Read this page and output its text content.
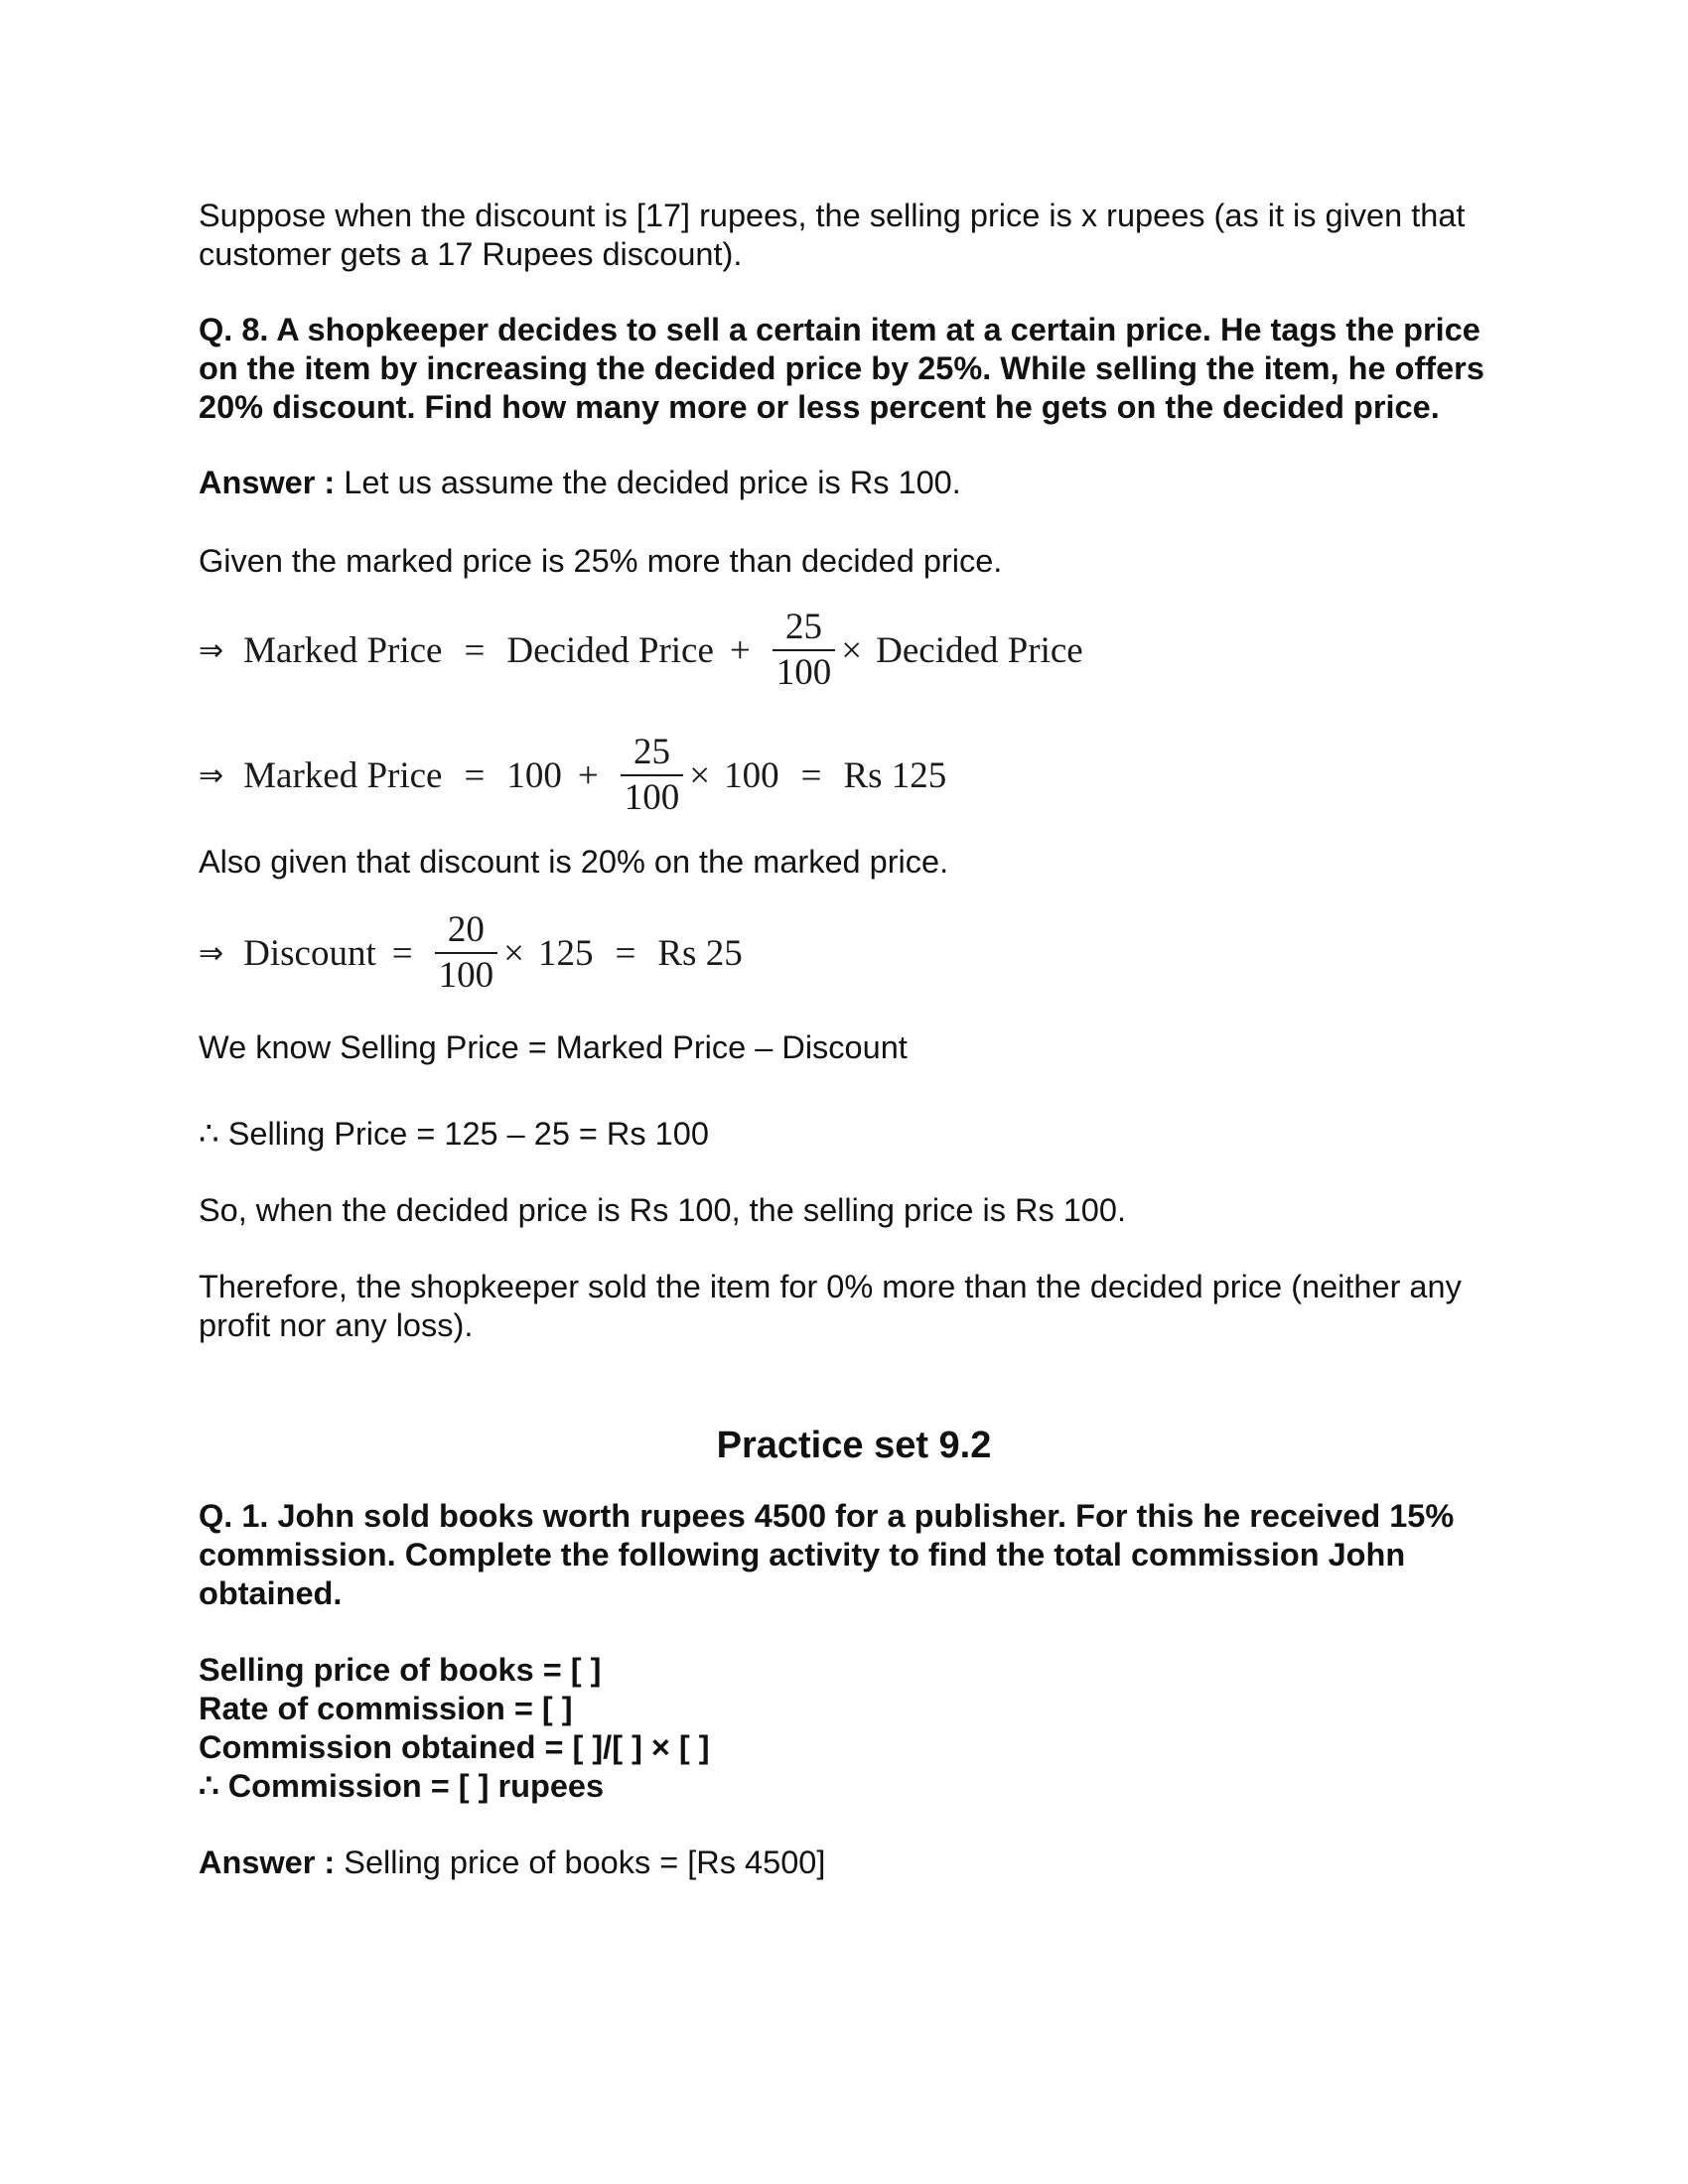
Suppose when the discount is [17] rupees, the selling price is x rupees (as it is given that customer gets a 17 Rupees discount).

Q. 8. A shopkeeper decides to sell a certain item at a certain price. He tags the price on the item by increasing the decided price by 25%. While selling the item, he offers 20% discount. Find how many more or less percent he gets on the decided price.

Answer : Let us assume the decided price is Rs 100.

Given the marked price is 25% more than decided price.

⇒ Marked Price = Decided Price + $\frac{25}{100}$ × Decided Price
⇒ Marked Price = $100 + \frac{25}{100} \times 100 = Rs$ 125

Also given that discount is 20% on the marked price.

⇒ Discount = $\frac{20}{100} \times 125 = Rs$ 25

We know Selling Price = Marked Price – Discount

∴ Selling Price = 125 – 25 = Rs 100

So, when the decided price is Rs 100, the selling price is Rs 100.

Therefore, the shopkeeper sold the item for 0% more than the decided price (neither any profit nor any loss).

Practice set 9.2

Q. 1. John sold books worth rupees 4500 for a publisher. For this he received 15% commission. Complete the following activity to find the total commission John obtained.

Selling price of books = [ ]

Rate of commission = [ ]

Commission obtained = [ ]/[ ] × [ ]

∴ Commission = [ ] rupees

Answer : Selling price of books = [Rs 4500]
